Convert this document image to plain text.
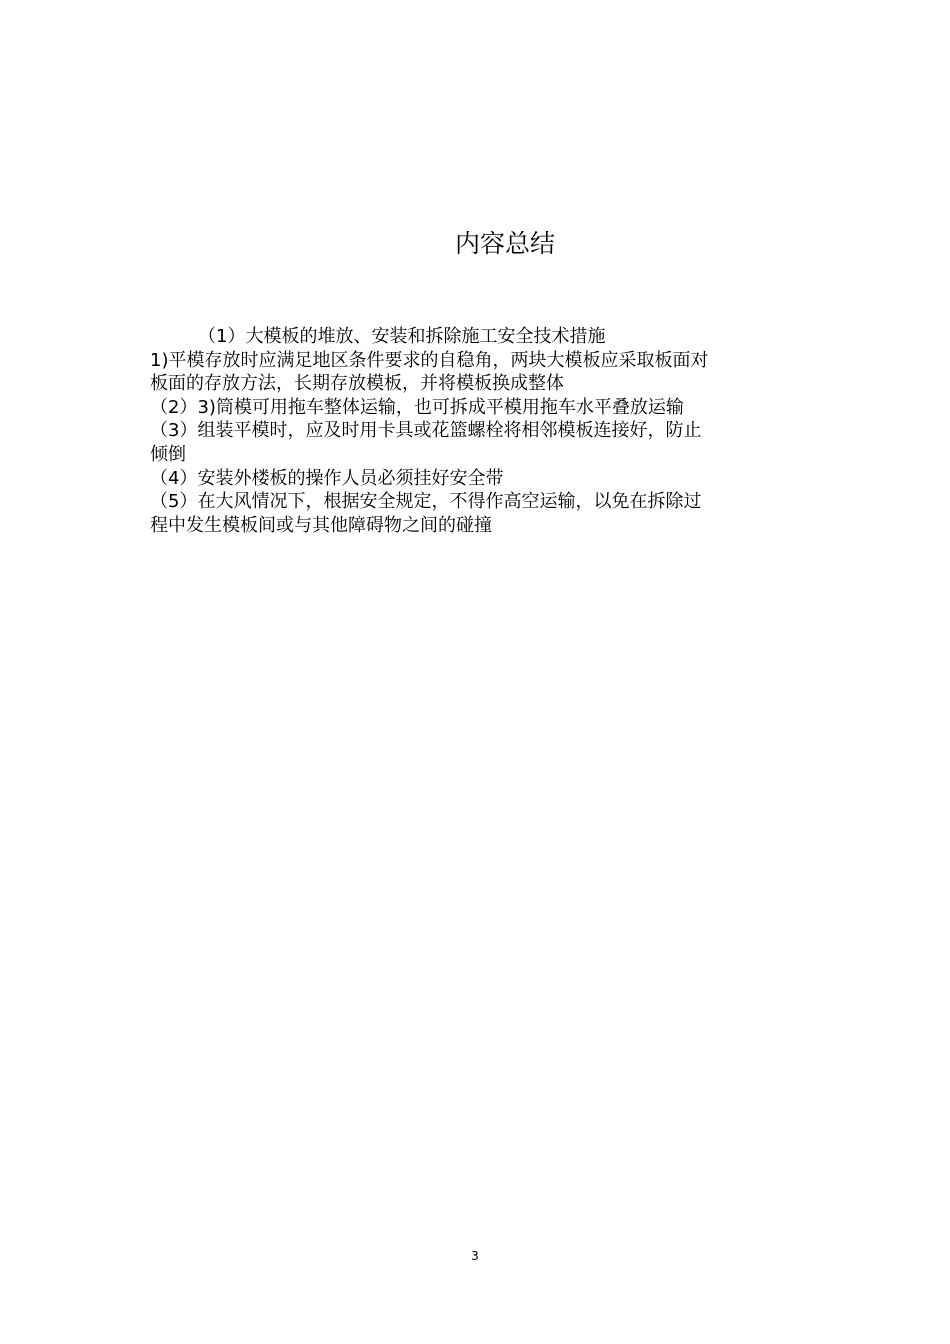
内容总结

（1）大模板的堆放、安装和拆除施工安全技术措施

1)平模存放时应满足地区条件要求的自稳角，两块大模板应采取板面对

板面的存放方法，长期存放模板，并将模板换成整体

（2）3)筒模可用拖车整体运输，也可拆成平模用拖车水平叠放运输

（3）组装平模时，应及时用卡具或花篮螺栓将相邻模板连接好，防止

倾倒

（4）安装外楼板的操作人员必须挂好安全带

（5）在大风情况下，根据安全规定，不得作高空运输，以免在拆除过

程中发生模板间或与其他障碍物之间的碰撞

3
